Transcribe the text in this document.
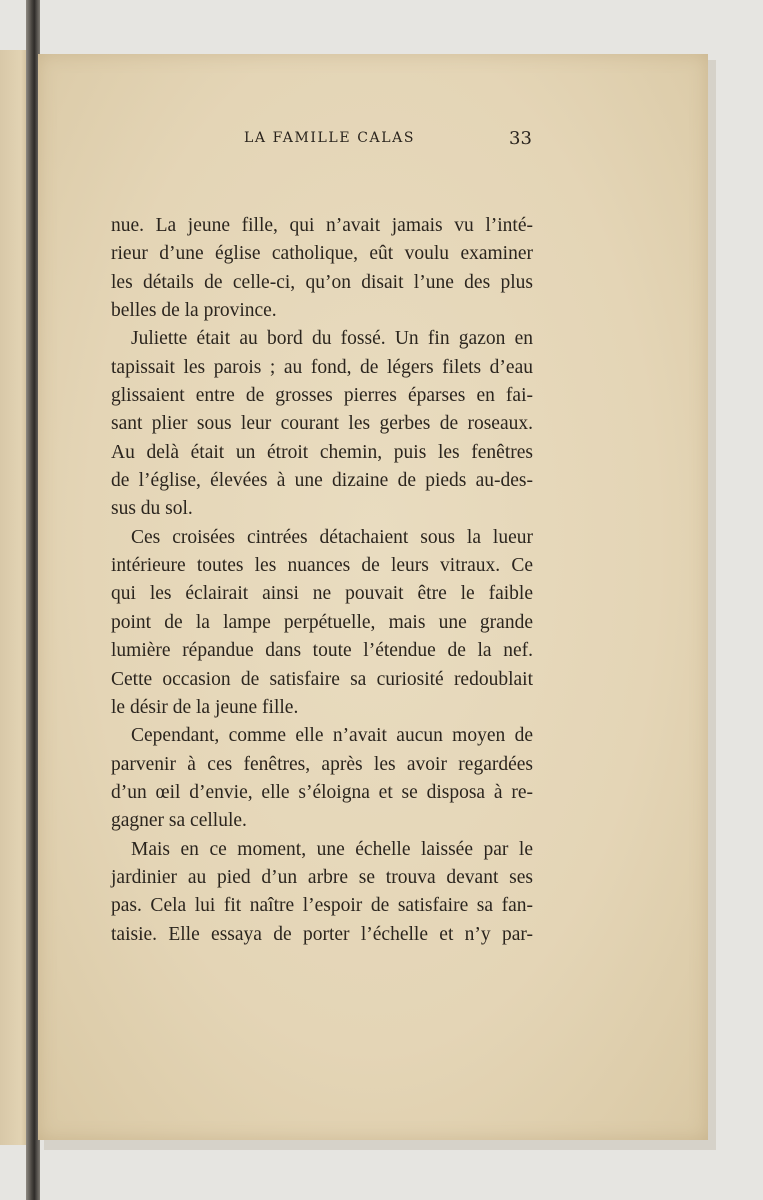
LA FAMILLE CALAS	33
nue. La jeune fille, qui n’avait jamais vu l’inté-
rieur d’une église catholique, eût voulu examiner
les détails de celle-ci, qu’on disait l’une des plus
belles de la province.
Juliette était au bord du fossé. Un fin gazon en
tapissait les parois ; au fond, de légers filets d’eau
glissaient entre de grosses pierres éparses en fai-
sant plier sous leur courant les gerbes de roseaux.
Au delà était un étroit chemin, puis les fenêtres
de l’église, élevées à une dizaine de pieds au-des-
sus du sol.
Ces croisées cintrées détachaient sous la lueur
intérieure toutes les nuances de leurs vitraux. Ce
qui les éclairait ainsi ne pouvait être le faible
point de la lampe perpétuelle, mais une grande
lumière répandue dans toute l’étendue de la nef.
Cette occasion de satisfaire sa curiosité redoublait
le désir de la jeune fille.
Cependant, comme elle n’avait aucun moyen de
parvenir à ces fenêtres, après les avoir regardées
d’un œil d’envie, elle s’éloigna et se disposa à re-
gagner sa cellule.
Mais en ce moment, une échelle laissée par le
jardinier au pied d’un arbre se trouva devant ses
pas. Cela lui fit naître l’espoir de satisfaire sa fan-
taisie. Elle essaya de porter l’échelle et n’y par-
